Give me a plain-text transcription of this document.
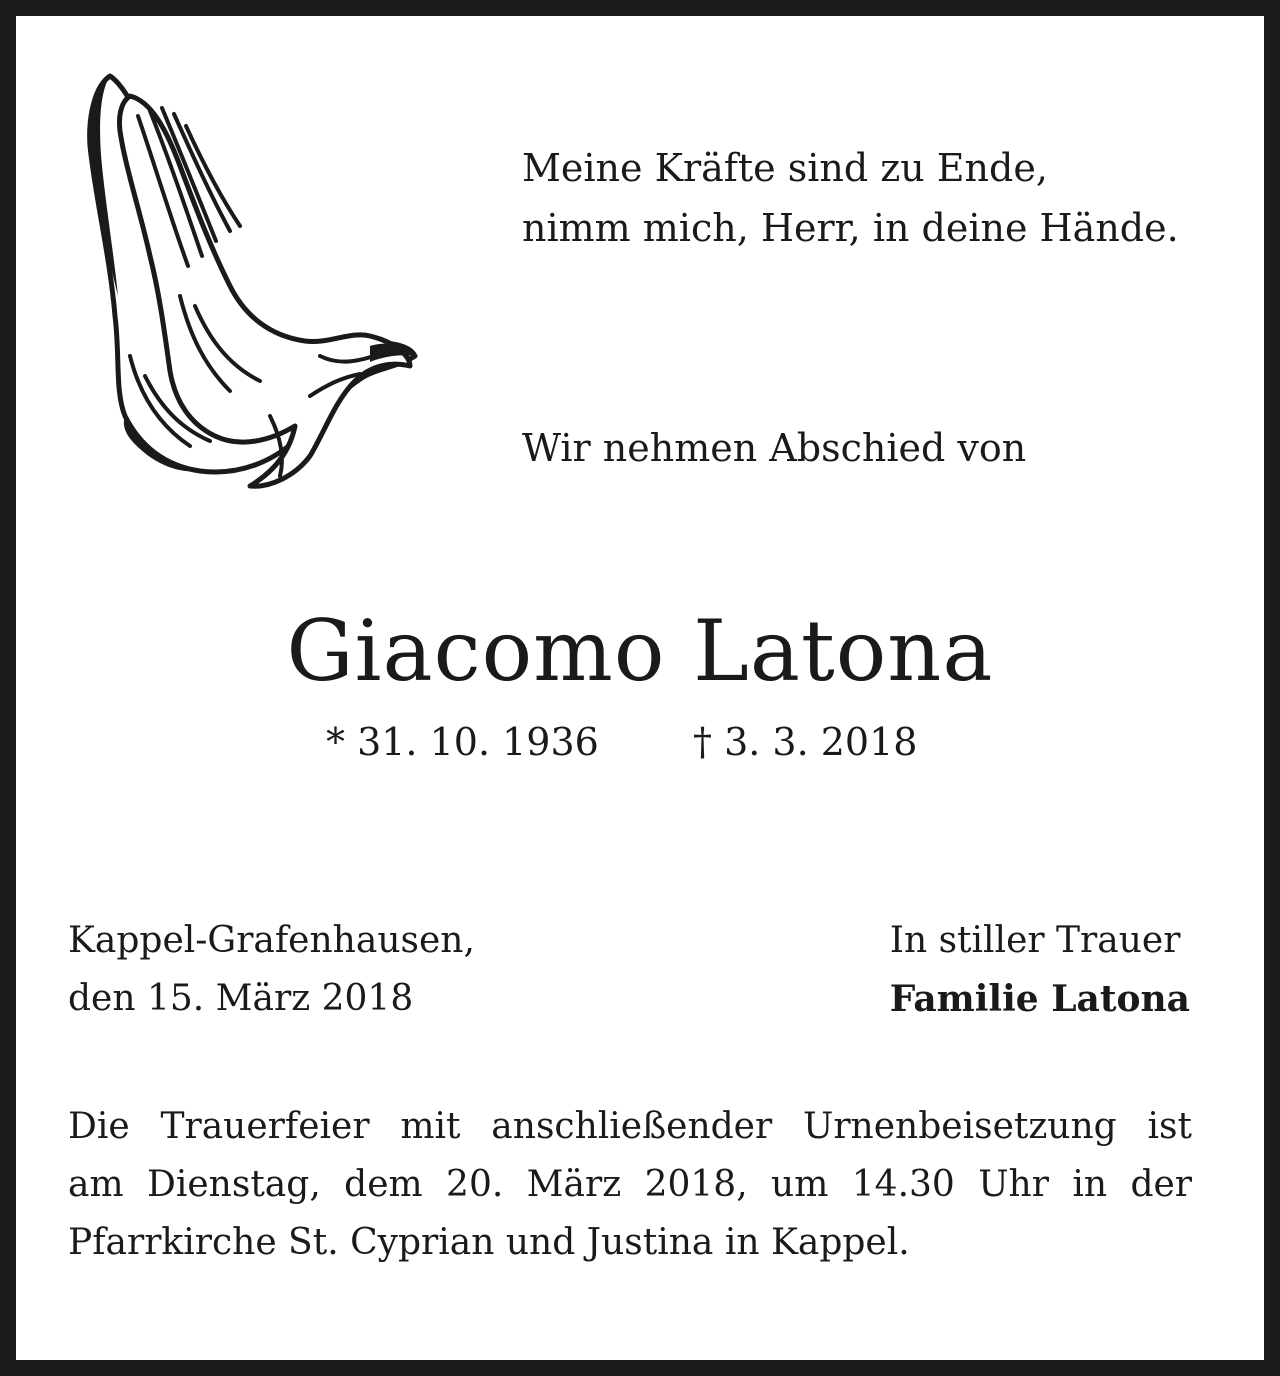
Meine Kräfte sind zu Ende,
nimm mich, Herr, in deine Hände.
Wir nehmen Abschied von
Giacomo Latona
* 31. 10. 1936 † 3. 3. 2018
Kappel-Grafenhausen,
den 15. März 2018
In stiller Trauer
Familie Latona
Die Trauerfeier mit anschließender Urnenbeisetzung ist
am Dienstag, dem 20. März 2018, um 14.30 Uhr in der
Pfarrkirche St. Cyprian und Justina in Kappel.
